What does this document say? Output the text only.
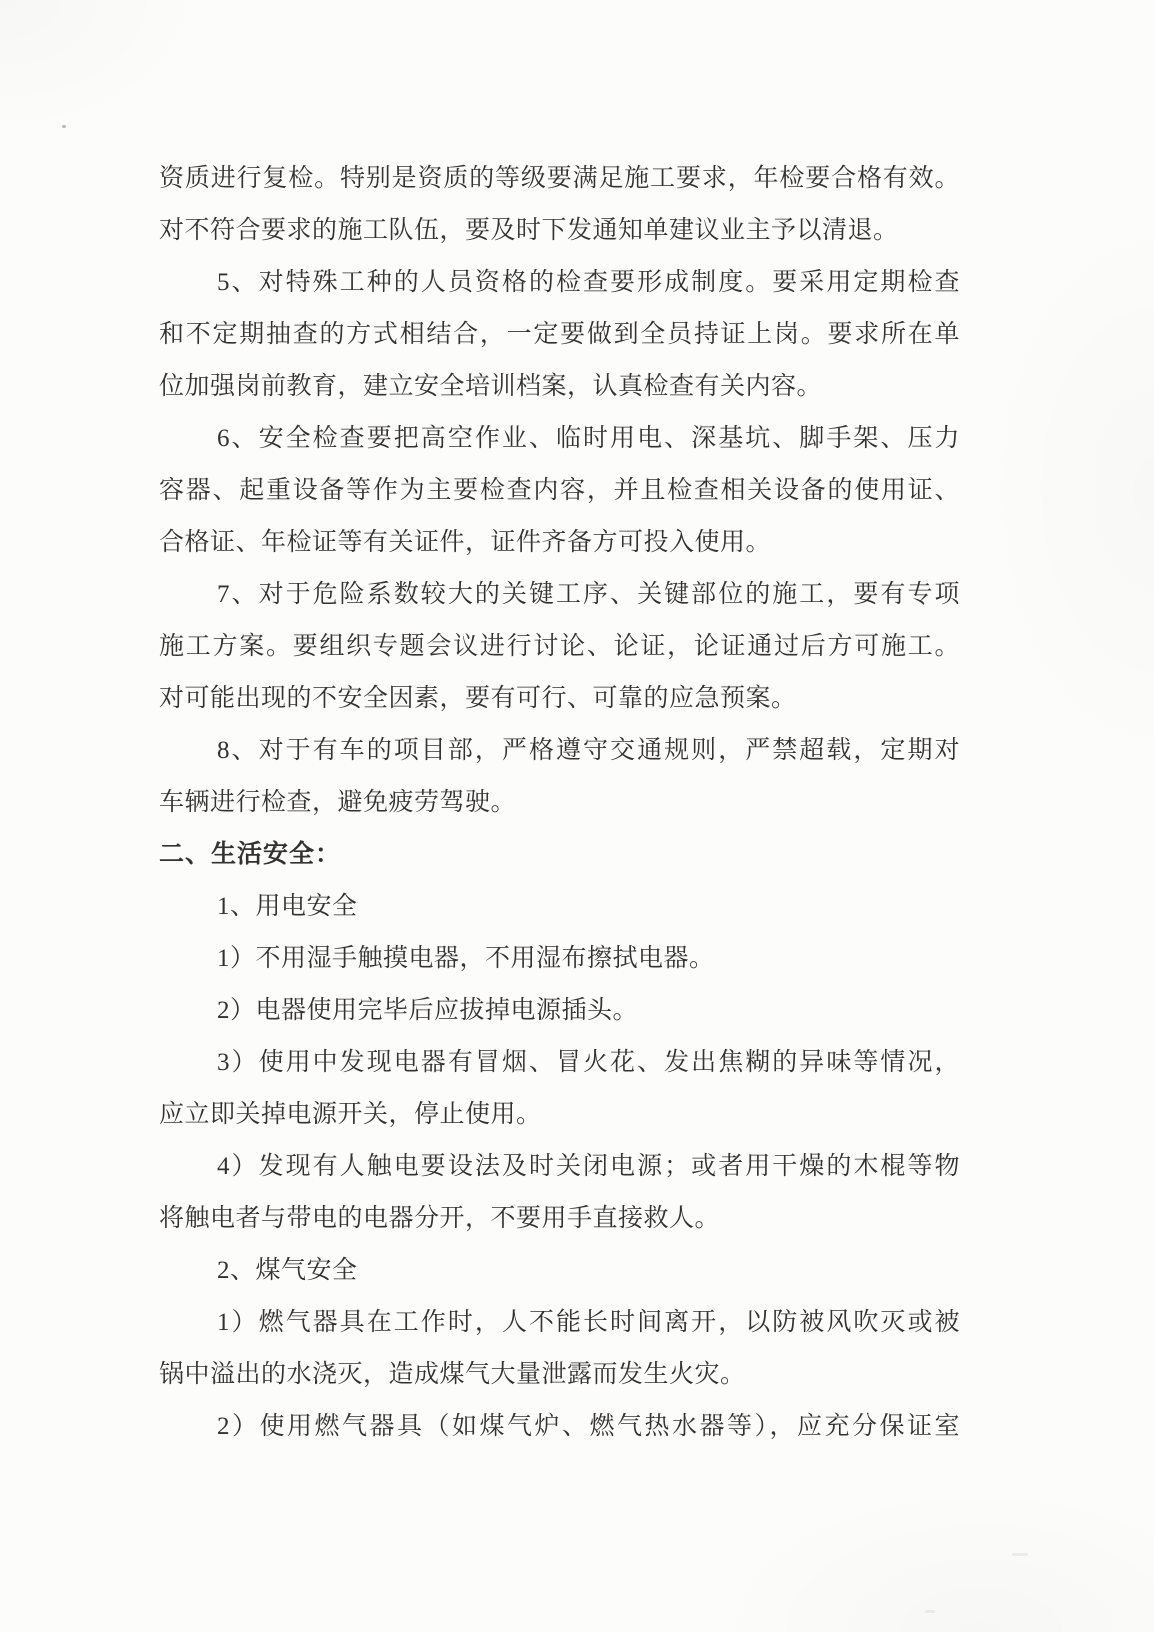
资质进行复检。特别是资质的等级要满足施工要求，年检要合格有效。
对不符合要求的施工队伍，要及时下发通知单建议业主予以清退。
5、对特殊工种的人员资格的检查要形成制度。要采用定期检查
和不定期抽查的方式相结合，一定要做到全员持证上岗。要求所在单
位加强岗前教育，建立安全培训档案，认真检查有关内容。
6、安全检查要把高空作业、临时用电、深基坑、脚手架、压力
容器、起重设备等作为主要检查内容，并且检查相关设备的使用证、
合格证、年检证等有关证件，证件齐备方可投入使用。
7、对于危险系数较大的关键工序、关键部位的施工，要有专项
施工方案。要组织专题会议进行讨论、论证，论证通过后方可施工。
对可能出现的不安全因素，要有可行、可靠的应急预案。
8、对于有车的项目部，严格遵守交通规则，严禁超载，定期对
车辆进行检查，避免疲劳驾驶。
二、生活安全：
1、用电安全
1）不用湿手触摸电器，不用湿布擦拭电器。
2）电器使用完毕后应拔掉电源插头。
3）使用中发现电器有冒烟、冒火花、发出焦糊的异味等情况，
应立即关掉电源开关，停止使用。
4）发现有人触电要设法及时关闭电源；或者用干燥的木棍等物
将触电者与带电的电器分开，不要用手直接救人。
2、煤气安全
1）燃气器具在工作时，人不能长时间离开，以防被风吹灭或被
锅中溢出的水浇灭，造成煤气大量泄露而发生火灾。
2）使用燃气器具（如煤气炉、燃气热水器等），应充分保证室
